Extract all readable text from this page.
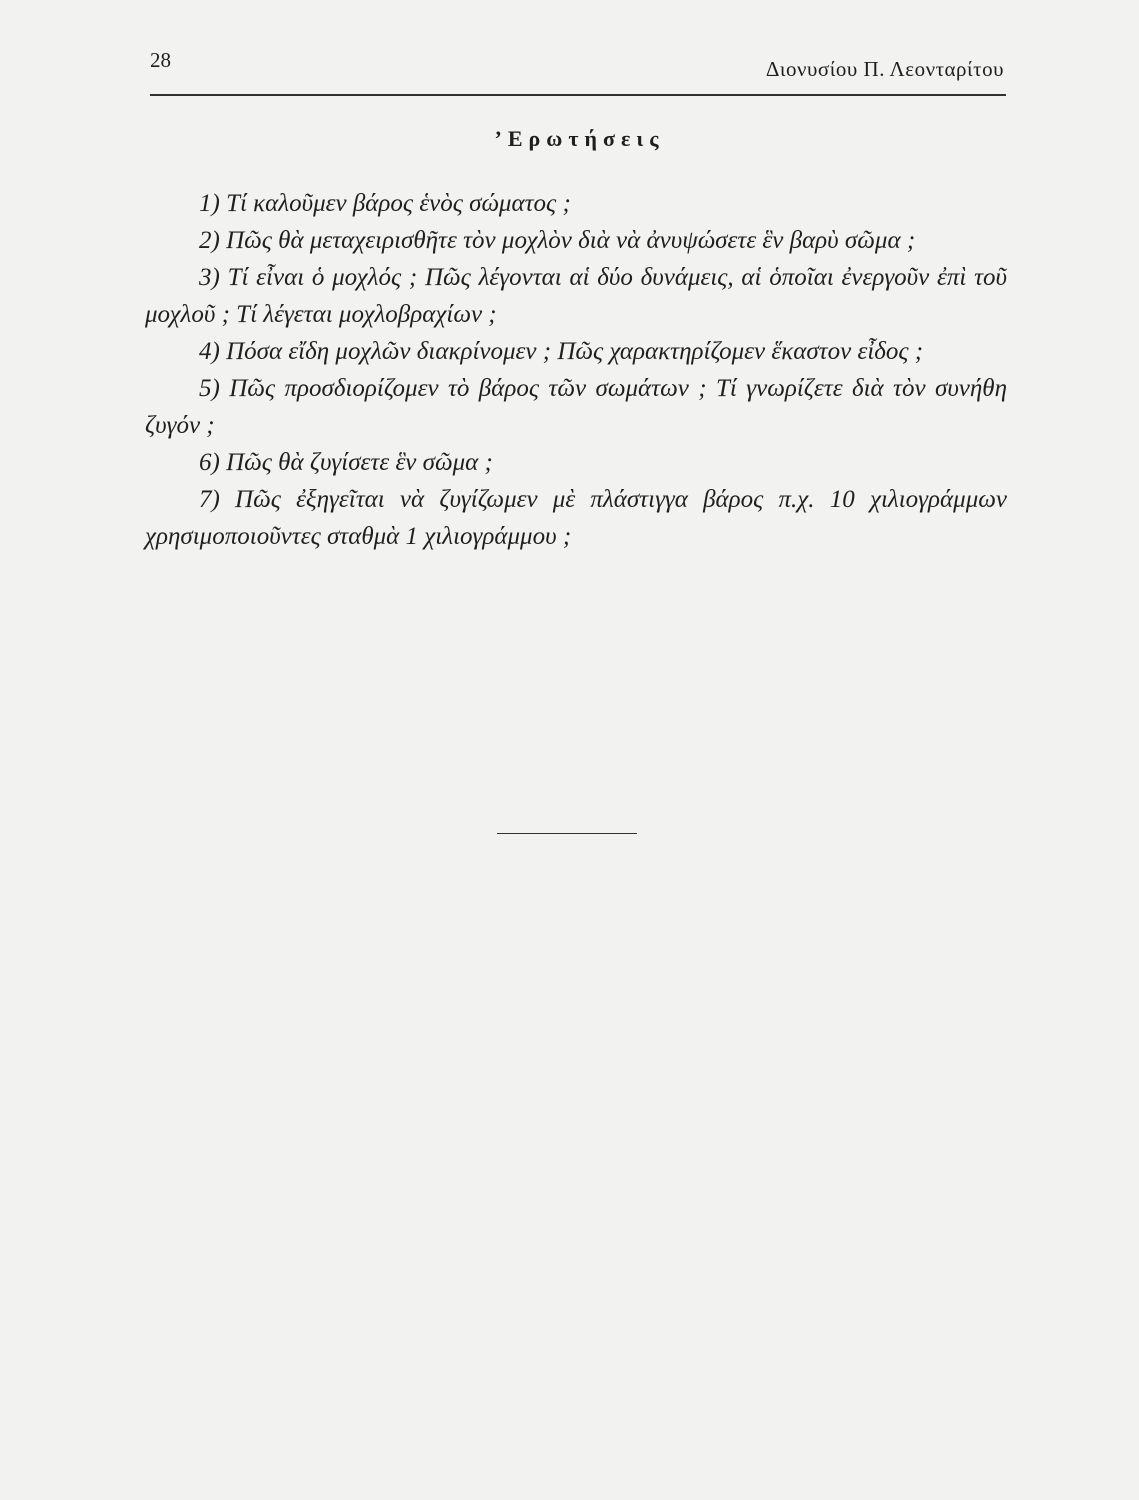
28	Διονυσίου Π. Λεονταρίτου
’Ερωτήσεις

1) Τί καλοῦμεν βάρος ἑνὸς σώματος ;

2) Πῶς θὰ μεταχειρισθῆτε τὸν μοχλὸν διὰ νὰ ἀνυψώσετε ἓν βαρὺ σῶμα ;

3) Τί εἶναι ὁ μοχλός ; Πῶς λέγονται αἱ δύο δυνάμεις, αἱ ὁποῖαι ἐνεργοῦν ἐπὶ τοῦ μοχλοῦ ; Τί λέγεται μοχλοβραχίων ;

4) Πόσα εἴδη μοχλῶν διακρίνομεν ; Πῶς χαρακτηρίζομεν ἕκαστον εἶδος ;

5) Πῶς προσδιορίζομεν τὸ βάρος τῶν σωμάτων ; Τί γνωρίζετε διὰ τὸν συνήθη ζυγόν ;

6) Πῶς θὰ ζυγίσετε ἓν σῶμα ;

7) Πῶς ἐξηγεῖται νὰ ζυγίζωμεν μὲ πλάστιγγα βάρος π.χ. 10 χιλιογράμμων χρησιμοποιοῦντες σταθμὰ 1 χιλιογράμμου ;
